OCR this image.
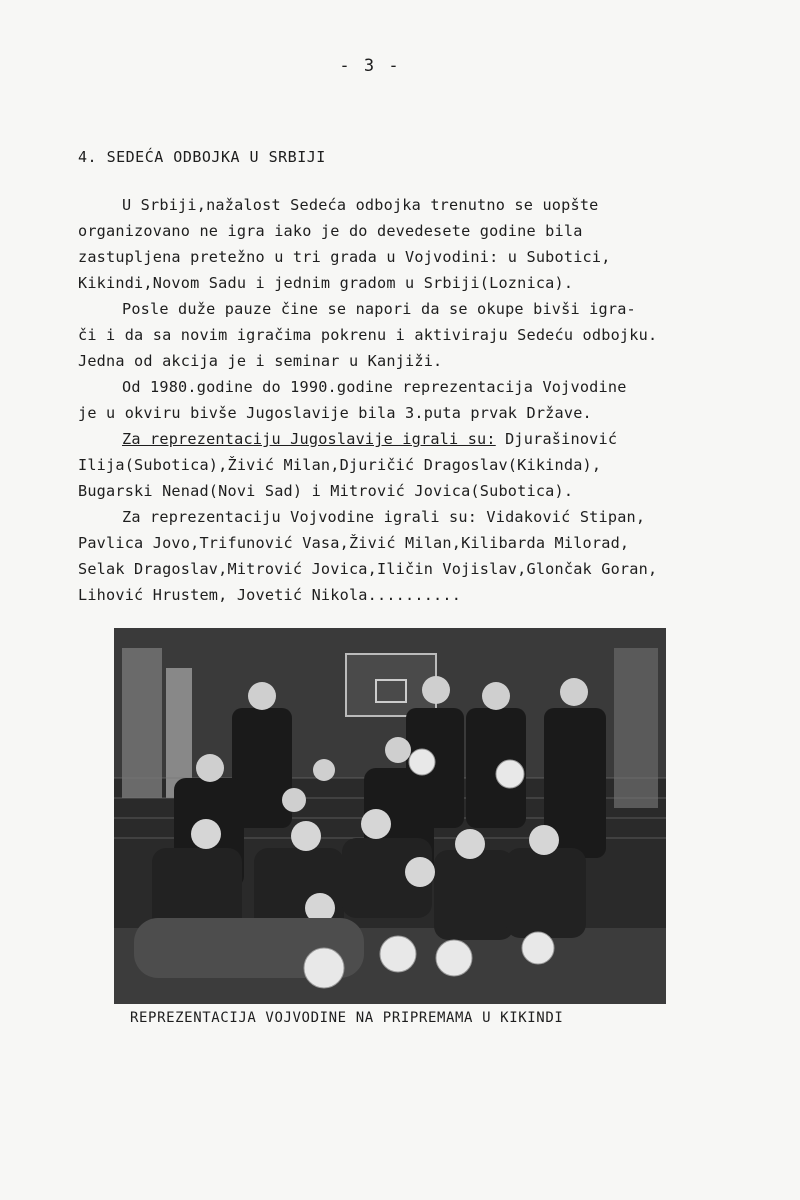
- 3 -
4. SEDEĆA ODBOJKA U SRBIJI

U Srbiji,nažalost Sedeća odbojka trenutno se uopšte

organizovano ne igra iako je do devedesete godine bila

zastupljena pretežno u tri grada u Vojvodini: u Subotici,

Kikindi,Novom Sadu i jednim gradom u Srbiji(Loznica).

Posle duže pauze čine se napori da se okupe bivši igra-

či i da sa novim igračima pokrenu i aktiviraju Sedeću odbojku.

Jedna od akcija je i seminar u Kanjiži.

Od 1980.godine do 1990.godine reprezentacija Vojvodine

je u okviru bivše Jugoslavije bila 3.puta prvak Države.

Za reprezentaciju Jugoslavije igrali su: Djurašinović

Ilija(Subotica),Živić Milan,Djuričić Dragoslav(Kikinda),

Bugarski Nenad(Novi Sad) i Mitrović Jovica(Subotica).

Za reprezentaciju Vojvodine igrali su: Vidaković Stipan,

Pavlica Jovo,Trifunović Vasa,Živić Milan,Kilibarda Milorad,

Selak Dragoslav,Mitrović Jovica,Iličin Vojislav,Glončak Goran,

Lihović Hrustem, Jovetić Nikola..........

REPREZENTACIJA VOJVODINE NA PRIPREMAMA U KIKINDI
